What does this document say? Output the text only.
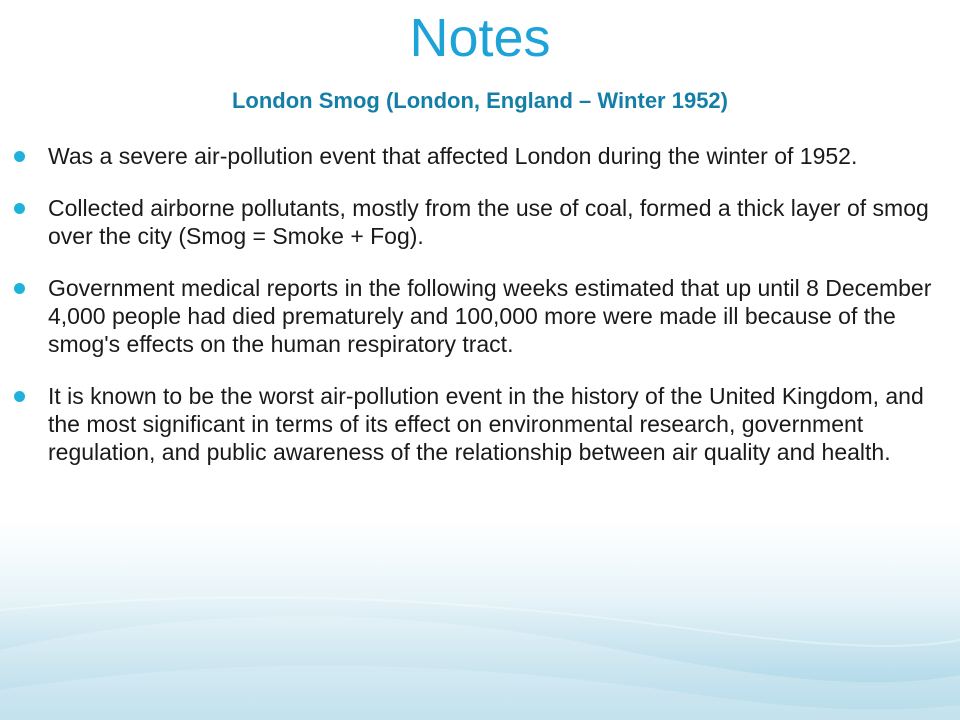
Notes
London Smog (London, England – Winter 1952)
Was a severe air-pollution event that affected London during the winter of 1952.
Collected airborne pollutants, mostly from the use of coal, formed a thick layer of smog over the city (Smog = Smoke + Fog).
Government medical reports in the following weeks estimated that up until 8 December 4,000 people had died prematurely and 100,000 more were made ill because of the smog's effects on the human respiratory tract.
It is known to be the worst air-pollution event in the history of the United Kingdom, and the most significant in terms of its effect on environmental research, government regulation, and public awareness of the relationship between air quality and health.
